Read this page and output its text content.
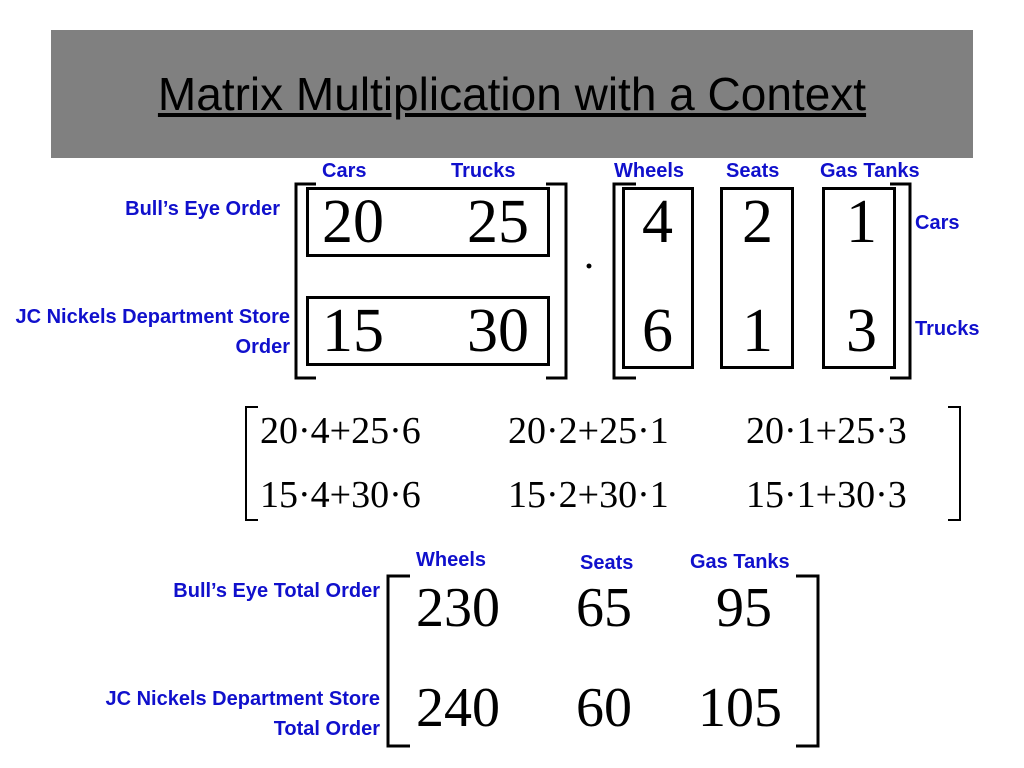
Matrix Multiplication with a Context
Cars	Trucks
Bull’s Eye Order
JC Nickels Department Store Order
20 25
15 30
·
Wheels Seats Gas Tanks
Cars
Trucks
4 2 1
6 1 3
20·4+25·6 20·2+25·1 20·1+25·3
15·4+30·6 15·2+30·1 15·1+30·3
Wheels	Seats	Gas Tanks
Bull’s Eye Total Order
JC Nickels Department Store Total Order
230 65 95
240 60 105
